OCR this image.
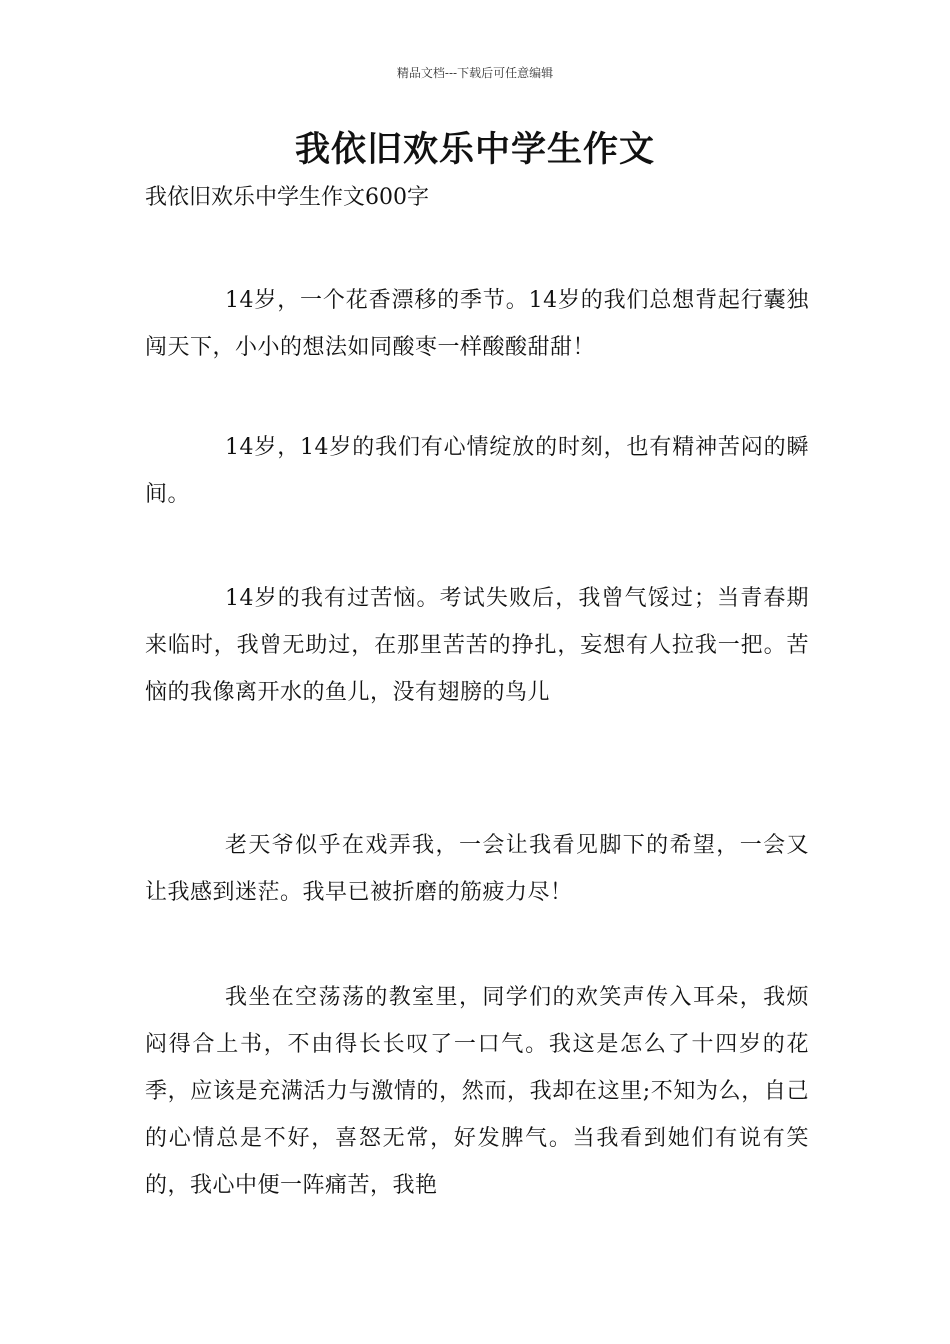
精品文档---下载后可任意编辑
我依旧欢乐中学生作文
我依旧欢乐中学生作文600字

14岁，一个花香漂移的季节。14岁的我们总想背起行囊独闯天下，小小的想法如同酸枣一样酸酸甜甜！

14岁，14岁的我们有心情绽放的时刻，也有精神苦闷的瞬间。

14岁的我有过苦恼。考试失败后，我曾气馁过；当青春期来临时，我曾无助过，在那里苦苦的挣扎，妄想有人拉我一把。苦恼的我像离开水的鱼儿，没有翅膀的鸟儿

老天爷似乎在戏弄我，一会让我看见脚下的希望，一会又让我感到迷茫。我早已被折磨的筋疲力尽！

我坐在空荡荡的教室里，同学们的欢笑声传入耳朵，我烦闷得合上书，不由得长长叹了一口气。我这是怎么了十四岁的花季，应该是充满活力与激情的，然而，我却在这里;不知为么，自己的心情总是不好，喜怒无常，好发脾气。当我看到她们有说有笑的，我心中便一阵痛苦，我艳
